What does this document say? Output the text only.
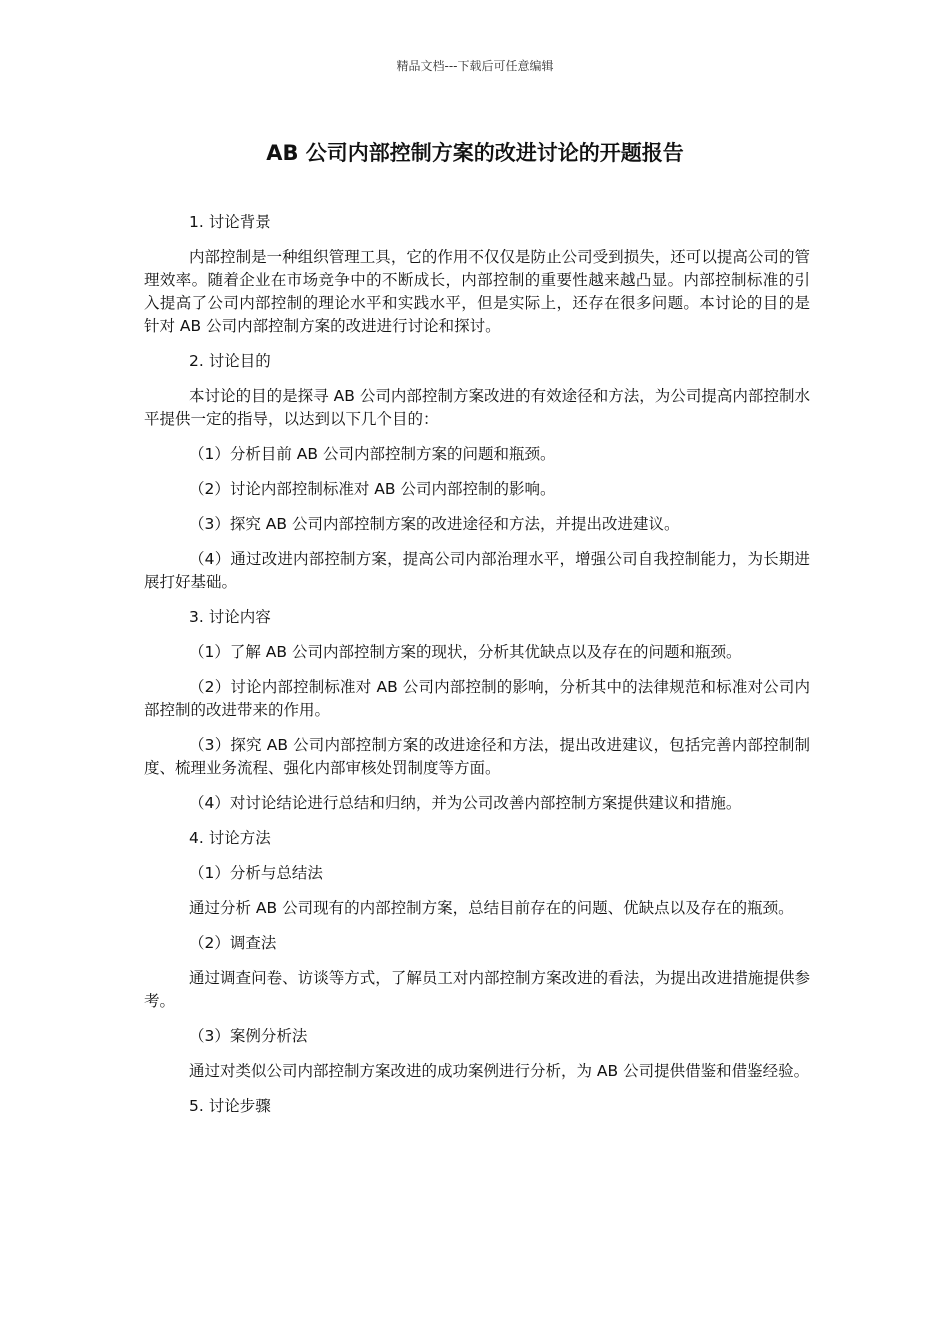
精品文档---下载后可任意编辑
AB 公司内部控制方案的改进讨论的开题报告

1. 讨论背景

内部控制是一种组织管理工具，它的作用不仅仅是防止公司受到损失，还可以提高公司的管理效率。随着企业在市场竞争中的不断成长，内部控制的重要性越来越凸显。内部控制标准的引入提高了公司内部控制的理论水平和实践水平，但是实际上，还存在很多问题。本讨论的目的是针对 AB 公司内部控制方案的改进进行讨论和探讨。

2. 讨论目的

本讨论的目的是探寻 AB 公司内部控制方案改进的有效途径和方法，为公司提高内部控制水平提供一定的指导，以达到以下几个目的：

（1）分析目前 AB 公司内部控制方案的问题和瓶颈。

（2）讨论内部控制标准对 AB 公司内部控制的影响。

（3）探究 AB 公司内部控制方案的改进途径和方法，并提出改进建议。

（4）通过改进内部控制方案，提高公司内部治理水平，增强公司自我控制能力，为长期进展打好基础。

3. 讨论内容

（1）了解 AB 公司内部控制方案的现状，分析其优缺点以及存在的问题和瓶颈。

（2）讨论内部控制标准对 AB 公司内部控制的影响，分析其中的法律规范和标准对公司内部控制的改进带来的作用。

（3）探究 AB 公司内部控制方案的改进途径和方法，提出改进建议，包括完善内部控制制度、梳理业务流程、强化内部审核处罚制度等方面。

（4）对讨论结论进行总结和归纳，并为公司改善内部控制方案提供建议和措施。

4. 讨论方法

（1）分析与总结法

通过分析 AB 公司现有的内部控制方案，总结目前存在的问题、优缺点以及存在的瓶颈。

（2）调查法

通过调查问卷、访谈等方式，了解员工对内部控制方案改进的看法，为提出改进措施提供参考。

（3）案例分析法

通过对类似公司内部控制方案改进的成功案例进行分析，为 AB 公司提供借鉴和借鉴经验。

5. 讨论步骤
